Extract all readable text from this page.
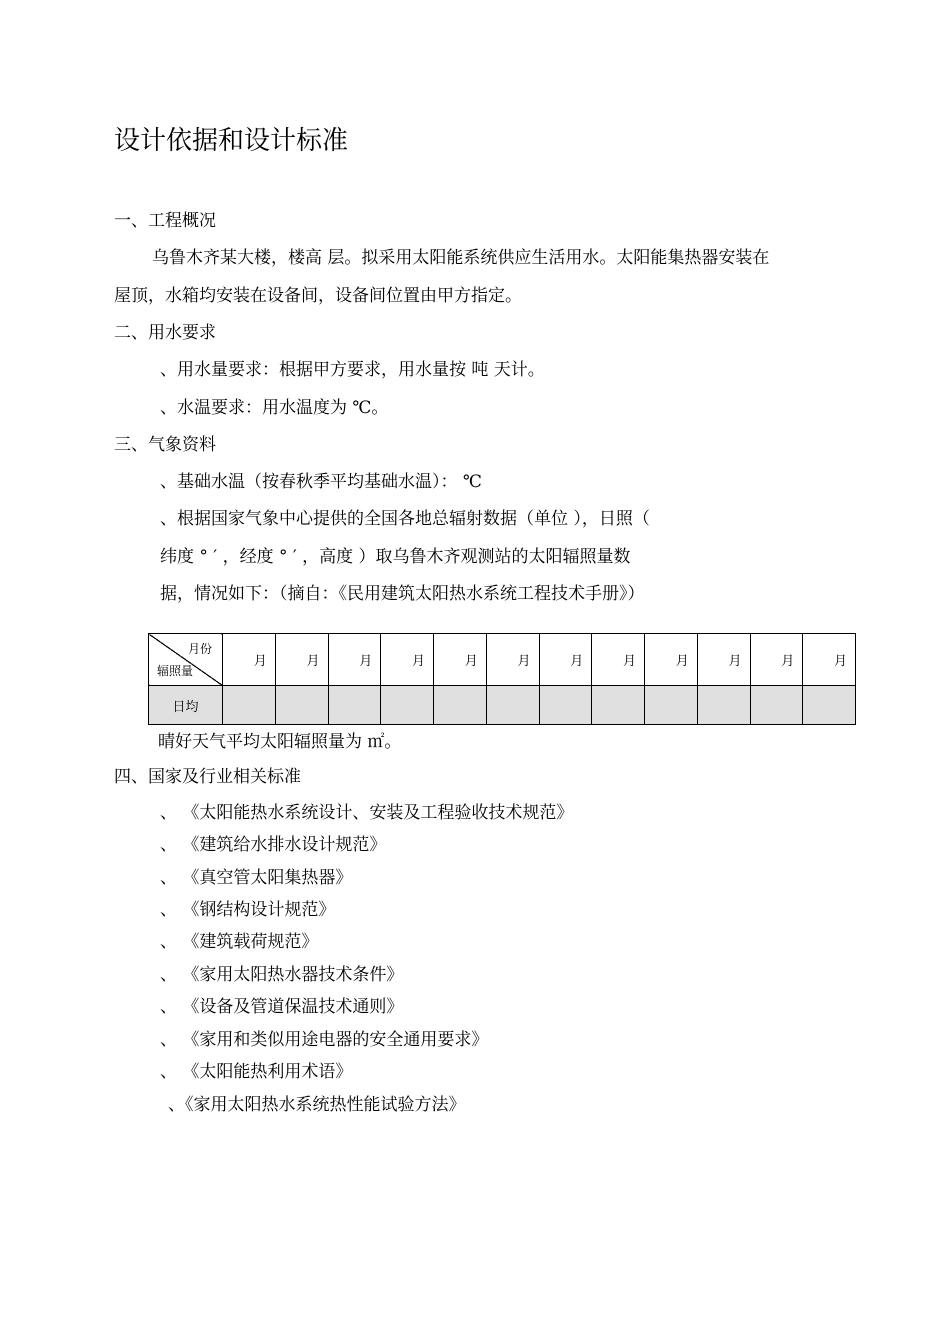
设计依据和设计标准
一、工程概况
乌鲁木齐某大楼，楼高 层。拟采用太阳能系统供应生活用水。太阳能集热器安装在
屋顶，水箱均安装在设备间，设备间位置由甲方指定。
二、用水要求
、用水量要求：根据甲方要求，用水量按 吨 天计。
、水温要求：用水温度为 ℃。
三、气象资料
、基础水温（按春秋季平均基础水温）： ℃
、根据国家气象中心提供的全国各地总辐射数据（单位 ），日照（
纬度 ° ′ ，经度 ° ′ ，高度 ）取乌鲁木齐观测站的太阳辐照量数
据，情况如下：（摘自：《民用建筑太阳热水系统工程技术手册》）
月份
辐照量	月	月	月	月	月	月	月	月	月	月	月	月
日均												
晴好天气平均太阳辐照量为 ㎡。
四、国家及行业相关标准
、 《太阳能热水系统设计、安装及工程验收技术规范》
、 《建筑给水排水设计规范》
、 《真空管太阳集热器》
、 《钢结构设计规范》
、 《建筑载荷规范》
、 《家用太阳热水器技术条件》
、 《设备及管道保温技术通则》
、 《家用和类似用途电器的安全通用要求》
、 《太阳能热利用术语》
、《家用太阳热水系统热性能试验方法》
